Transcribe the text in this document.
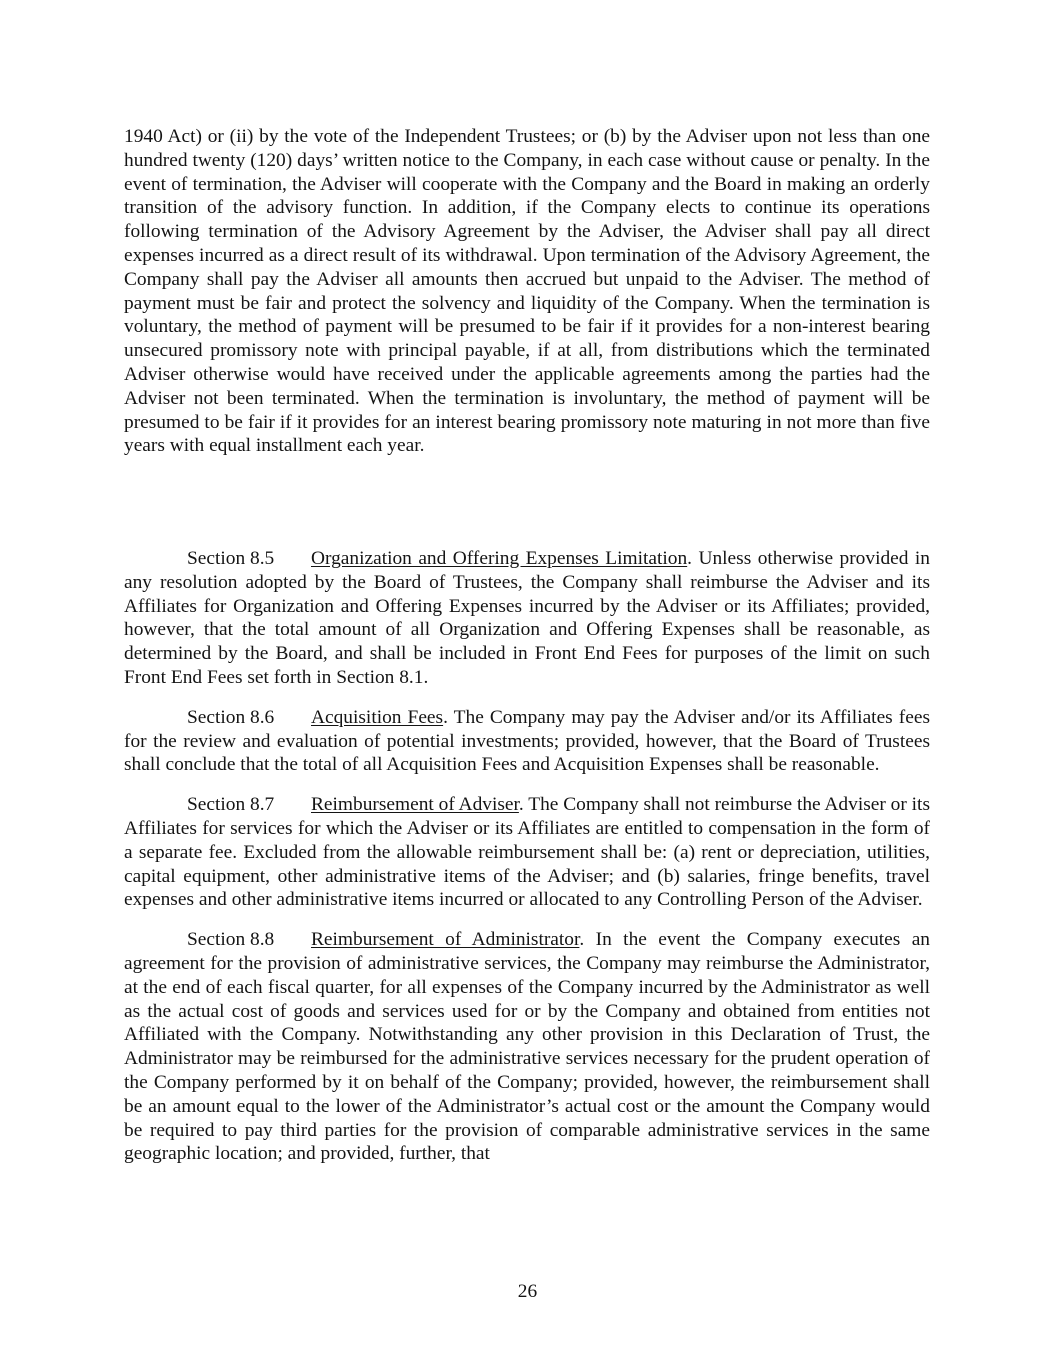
1940 Act) or (ii) by the vote of the Independent Trustees; or (b) by the Adviser upon not less than one hundred twenty (120) days’ written notice to the Company, in each case without cause or penalty. In the event of termination, the Adviser will cooperate with the Company and the Board in making an orderly transition of the advisory function. In addition, if the Company elects to continue its operations following termination of the Advisory Agreement by the Adviser, the Adviser shall pay all direct expenses incurred as a direct result of its withdrawal. Upon termination of the Advisory Agreement, the Company shall pay the Adviser all amounts then accrued but unpaid to the Adviser. The method of payment must be fair and protect the solvency and liquidity of the Company. When the termination is voluntary, the method of payment will be presumed to be fair if it provides for a non-interest bearing unsecured promissory note with principal payable, if at all, from distributions which the terminated Adviser otherwise would have received under the applicable agreements among the parties had the Adviser not been terminated. When the termination is involuntary, the method of payment will be presumed to be fair if it provides for an interest bearing promissory note maturing in not more than five years with equal installment each year.

Section 8.5 Organization and Offering Expenses Limitation. Unless otherwise provided in any resolution adopted by the Board of Trustees, the Company shall reimburse the Adviser and its Affiliates for Organization and Offering Expenses incurred by the Adviser or its Affiliates; provided, however, that the total amount of all Organization and Offering Expenses shall be reasonable, as determined by the Board, and shall be included in Front End Fees for purposes of the limit on such Front End Fees set forth in Section 8.1.

Section 8.6 Acquisition Fees. The Company may pay the Adviser and/or its Affiliates fees for the review and evaluation of potential investments; provided, however, that the Board of Trustees shall conclude that the total of all Acquisition Fees and Acquisition Expenses shall be reasonable.

Section 8.7 Reimbursement of Adviser. The Company shall not reimburse the Adviser or its Affiliates for services for which the Adviser or its Affiliates are entitled to compensation in the form of a separate fee. Excluded from the allowable reimbursement shall be: (a) rent or depreciation, utilities, capital equipment, other administrative items of the Adviser; and (b) salaries, fringe benefits, travel expenses and other administrative items incurred or allocated to any Controlling Person of the Adviser.

Section 8.8 Reimbursement of Administrator. In the event the Company executes an agreement for the provision of administrative services, the Company may reimburse the Administrator, at the end of each fiscal quarter, for all expenses of the Company incurred by the Administrator as well as the actual cost of goods and services used for or by the Company and obtained from entities not Affiliated with the Company. Notwithstanding any other provision in this Declaration of Trust, the Administrator may be reimbursed for the administrative services necessary for the prudent operation of the Company performed by it on behalf of the Company; provided, however, the reimbursement shall be an amount equal to the lower of the Administrator’s actual cost or the amount the Company would be required to pay third parties for the provision of comparable administrative services in the same geographic location; and provided, further, that

26
